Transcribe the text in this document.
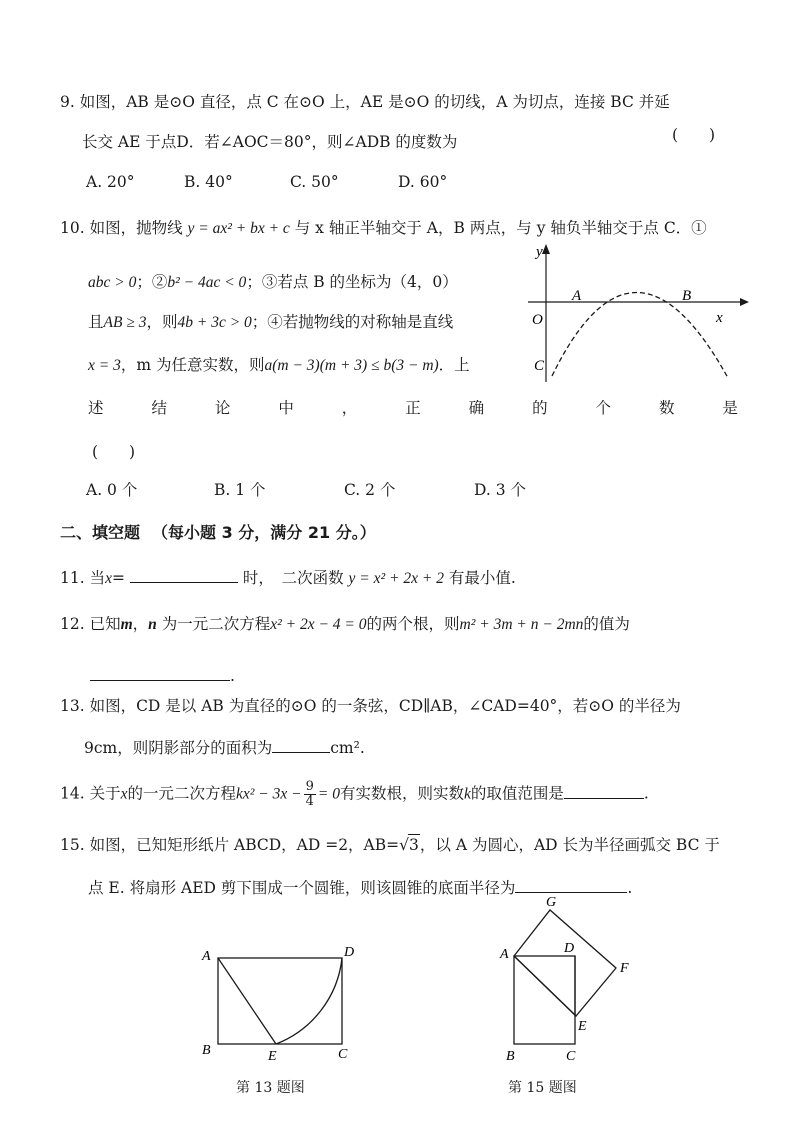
9. 如图，AB 是⊙O 直径，点 C 在⊙O 上，AE 是⊙O 的切线，A 为切点，连接 BC 并延
长交 AE 于点D．若∠AOC＝80°，则∠ADB 的度数为	(　　)
A. 20°	B. 40°	C. 50°	D. 60°
10. 如图，抛物线 y = ax² + bx + c 与 x 轴正半轴交于 A，B 两点，与 y 轴负半轴交于点 C．①
abc > 0；②b² − 4ac < 0；③若点 B 的坐标为（4，0）
且AB ≥ 3，则4b + 3c > 0；④若抛物线的对称轴是直线
x = 3，m 为任意实数，则a(m − 3)(m + 3) ≤ b(3 − m)．上
述	结	论	中	，	正	确	的	个	数	是
(　　)
A. 0 个	B. 1 个	C. 2 个	D. 3 个
y
x
O
A	B
C
二、填空题 （每小题 3 分，满分 21 分。）
11. 当x=	时，　二次函数 y = x² + 2x + 2 有最小值.
12. 已知m，n 为一元二次方程x² + 2x − 4 = 0的两个根，则m² + 3m + n − 2mn的值为
.
13. 如图，CD 是以 AB 为直径的⊙O 的一条弦，CD∥AB，∠CAD=40°，若⊙O 的半径为
9cm，则阴影部分的面积为	cm².
14. 关于x的一元二次方程$kx^2 - 3x - \frac{9}{4} = 0$有实数根，则实数k的取值范围是	.
15. 如图，已知矩形纸片 ABCD，AD =2，AB=√3，以 A 为圆心，AD 长为半径画弧交 BC 于
点 E. 将扇形 AED 剪下围成一个圆锥，则该圆锥的底面半径为	.
A	D
B	E	C
第 13 题图
G
A	D
F
E
B	C
第 15 题图
